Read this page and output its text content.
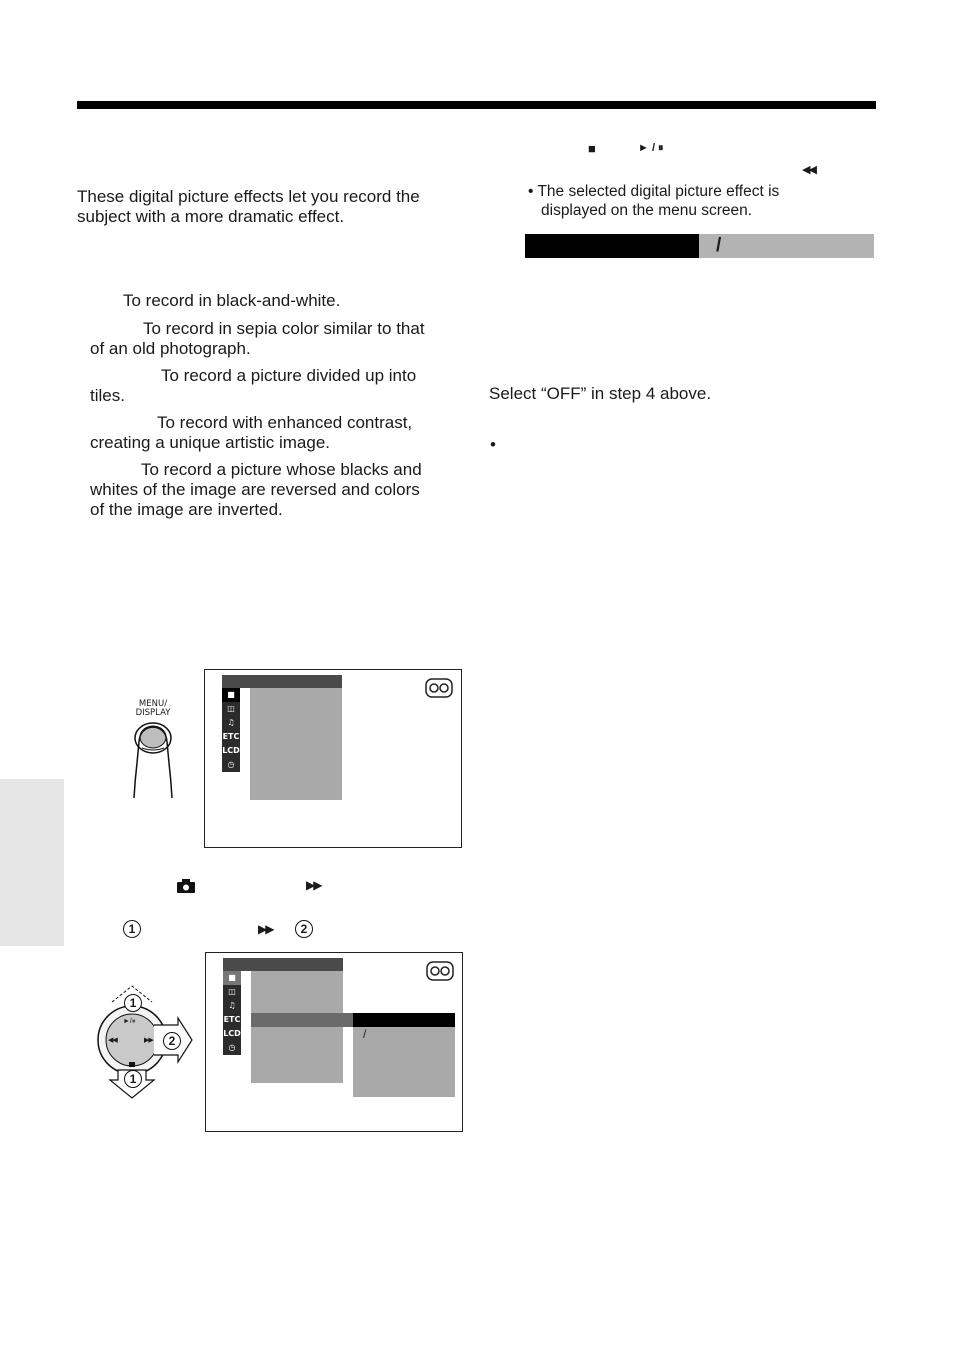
These digital picture effects let you record the
subject with a more dramatic effect.
To record in black-and-white.
To record in sepia color similar to that
of an old photograph.
To record a picture divided up into
tiles.
To record with enhanced contrast,
creating a unique artistic image.
To record a picture whose blacks and
whites of the image are reversed and colors
of the image are inverted.
MENU/
DISPLAY
■
◫
♫
ETC
LCD
◷
▶▶
1	▶▶	2
1
2
1
►/⏸
◀◀	▶▶
■
◫
♫
ETC
LCD
◷
/
■	► / ⏸
◀◀
• The selected digital picture effect is
displayed on the menu screen.
/
Select “OFF” in step 4 above.
•
